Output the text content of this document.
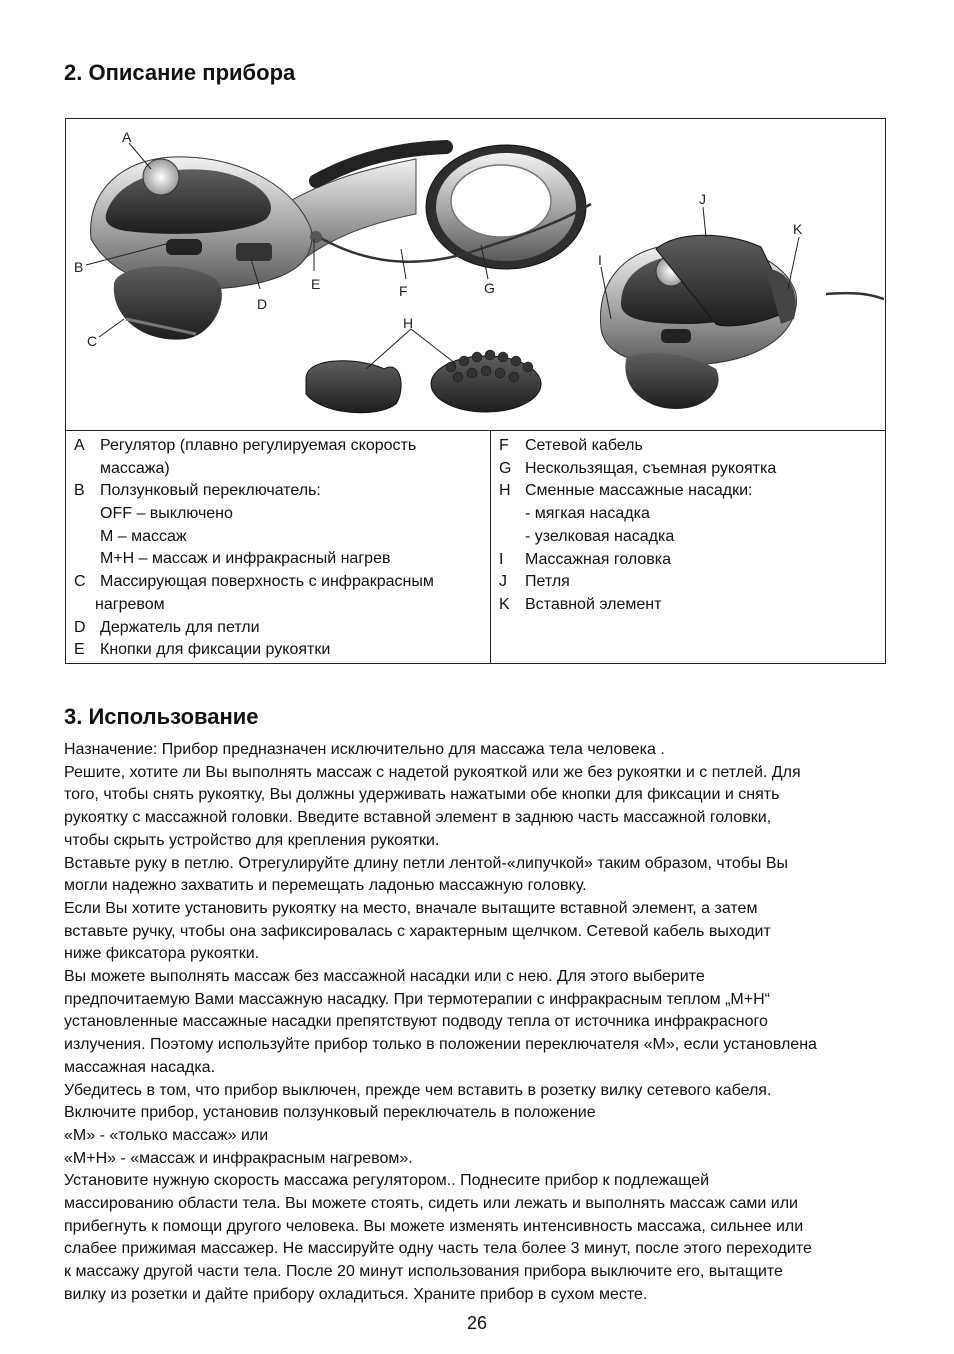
2. Описание прибора
A
B
C
D
E	F	G
H
I
J
K
A Регулятор (плавно регулируемая скорость
массажа)
B Ползунковый переключатель:
OFF – выключено
M – массаж
M+H – массаж и инфракрасный нагрев
C Массирующая поверхность с инфракрасным
нагревом
D Держатель для петли
E Кнопки для фиксации рукоятки
F Сетевой кабель
G Нескользящая, съемная рукоятка
H Сменные массажные насадки:
- мягкая насадка
- узелковая насадка
I Массажная головка
J Петля
K Вставной элемент
3. Использование

Назначение: Прибор предназначен исключительно для массажа тела человека .

Решите, хотите ли Вы выполнять массаж с надетой рукояткой или же без рукоятки и с петлей. Для

того, чтобы снять рукоятку, Вы должны удерживать нажатыми обе кнопки для фиксации и снять

рукоятку с массажной головки. Введите вставной элемент в заднюю часть массажной головки,

чтобы скрыть устройство для крепления рукоятки.

Вставьте руку в петлю. Отрегулируйте длину петли лентой-«липучкой» таким образом, чтобы Вы

могли надежно захватить и перемещать ладонью массажную головку.

Если Вы хотите установить рукоятку на место, вначале вытащите вставной элемент, а затем

вставьте ручку, чтобы она зафиксировалась с характерным щелчком. Сетевой кабель выходит

ниже фиксатора рукоятки.

Вы можете выполнять массаж без массажной насадки или с нею. Для этого выберите

предпочитаемую Вами массажную насадку. При термотерапии с инфракрасным теплом „M+H“

установленные массажные насадки препятствуют подводу тепла от источника инфракрасного

излучения. Поэтому используйте прибор только в положении переключателя «M», если установлена

массажная насадка.

Убедитесь в том, что прибор выключен, прежде чем вставить в розетку вилку сетевого кабеля.

Включите прибор, установив ползунковый переключатель в положение

«M» - «только массаж» или

«M+H» - «массаж и инфракрасным нагревом».

Установите нужную скорость массажа регулятором.. Поднесите прибор к подлежащей

массированию области тела. Вы можете стоять, сидеть или лежать и выполнять массаж сами или

прибегнуть к помощи другого человека. Вы можете изменять интенсивность массажа, сильнее или

слабее прижимая массажер. Не массируйте одну часть тела более 3 минут, после этого переходите

к массажу другой части тела. После 20 минут использования прибора выключите его, вытащите

вилку из розетки и дайте прибору охладиться. Храните прибор в сухом месте.

26
